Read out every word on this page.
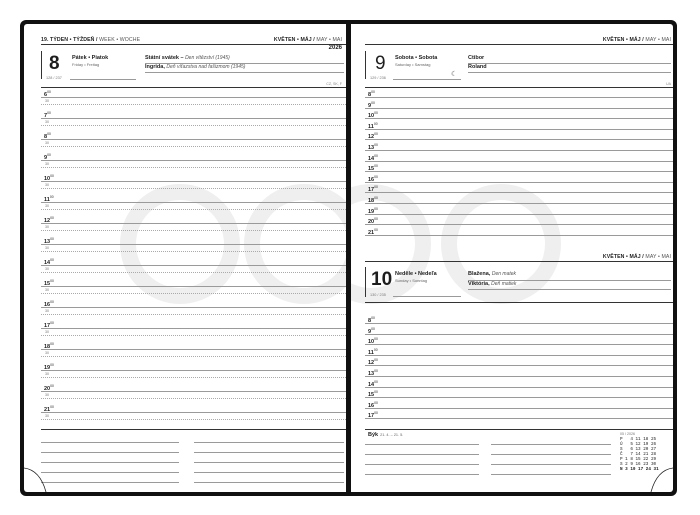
19. TÝDEN • TÝŽDEŇ / WEEK • WOCHE	KVĚTEN • MÁJ / MAY • MAI
2026
8 Pátek • Piatok
Friday • Freitag
128 / 237
Státní svátek – Den vítězství (1945)
Ingrida, Deň víťazstva nad fašizmom (1945)
CZ, SK, F
$6^{00}$
30
$7^{00}$
30
$8^{00}$
30
$9^{00}$
30
$10^{00}$
30
$11^{00}$
30
$12^{00}$
30
$13^{00}$
30
$14^{00}$
30
$15^{00}$
30
$16^{00}$
30
$17^{00}$
30
$18^{00}$
30
$19^{00}$
30
$20^{00}$
30
$21^{00}$
30
KVĚTEN • MÁJ / MAY • MAI
9 Sobota • Sobota
Saturday • Samstag
☾
129 / 236
Ctibor
Roland
UA
$8^{00}$
$9^{00}$
$10^{00}$
$11^{00}$
$12^{00}$
$13^{00}$
$14^{00}$
$15^{00}$
$16^{00}$
$17^{00}$
$18^{00}$
$19^{00}$
$20^{00}$
$21^{00}$
KVĚTEN • MÁJ / MAY • MAI
10 Neděle • Nedeľa
Sunday • Sonntag
130 / 235
Blažena, Den matek
Viktória, Deň matiek
$8^{00}$
$9^{00}$
$10^{00}$
$11^{00}$
$12^{00}$
$13^{00}$
$14^{00}$
$15^{00}$
$16^{00}$
$17^{00}$
Býk 21. 4. – 21. 5.	05 / 2026
P   4 11 18 25
Ú   5 12 19 26
S   6 13 20 27
Č   7 14 21 28
P 1 8 15 22 29
S 2 9 16 23 30
N 3 10 17 24 31
